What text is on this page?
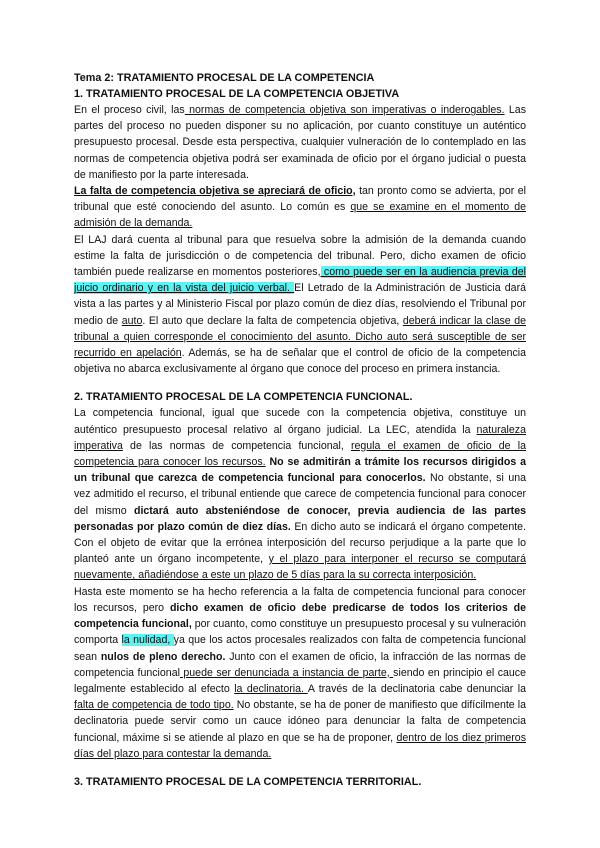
Tema 2: TRATAMIENTO PROCESAL DE LA COMPETENCIA
1. TRATAMIENTO PROCESAL DE LA COMPETENCIA OBJETIVA

En el proceso civil, las normas de competencia objetiva son imperativas o inderogables. Las partes del proceso no pueden disponer su no aplicación, por cuanto constituye un auténtico presupuesto procesal. Desde esta perspectiva, cualquier vulneración de lo contemplado en las normas de competencia objetiva podrá ser examinada de oficio por el órgano judicial o puesta de manifiesto por la parte interesada.

La falta de competencia objetiva se apreciará de oficio, tan pronto como se advierta, por el tribunal que esté conociendo del asunto. Lo común es que se examine en el momento de admisión de la demanda.

El LAJ dará cuenta al tribunal para que resuelva sobre la admisión de la demanda cuando estime la falta de jurisdicción o de competencia del tribunal. Pero, dicho examen de oficio también puede realizarse en momentos posteriores, como puede ser en la audiencia previa del juicio ordinario y en la vista del juicio verbal. El Letrado de la Administración de Justicia dará vista a las partes y al Ministerio Fiscal por plazo común de diez días, resolviendo el Tribunal por medio de auto. El auto que declare la falta de competencia objetiva, deberá indicar la clase de tribunal a quien corresponde el conocimiento del asunto. Dicho auto será susceptible de ser recurrido en apelación. Además, se ha de señalar que el control de oficio de la competencia objetiva no abarca exclusivamente al órgano que conoce del proceso en primera instancia.

2. TRATAMIENTO PROCESAL DE LA COMPETENCIA FUNCIONAL.

La competencia funcional, igual que sucede con la competencia objetiva, constituye un auténtico presupuesto procesal relativo al órgano judicial. La LEC, atendida la naturaleza imperativa de las normas de competencia funcional, regula el examen de oficio de la competencia para conocer los recursos. No se admitirán a trámite los recursos dirigidos a un tribunal que carezca de competencia funcional para conocerlos. No obstante, si una vez admitido el recurso, el tribunal entiende que carece de competencia funcional para conocer del mismo dictará auto absteniéndose de conocer, previa audiencia de las partes personadas por plazo común de diez días. En dicho auto se indicará el órgano competente. Con el objeto de evitar que la errónea interposición del recurso perjudique a la parte que lo planteó ante un órgano incompetente, y el plazo para interponer el recurso se computará nuevamente, añadiéndose a este un plazo de 5 días para la su correcta interposición.

Hasta este momento se ha hecho referencia a la falta de competencia funcional para conocer los recursos, pero dicho examen de oficio debe predicarse de todos los criterios de competencia funcional, por cuanto, como constituye un presupuesto procesal y su vulneración comporta la nulidad, ya que los actos procesales realizados con falta de competencia funcional sean nulos de pleno derecho. Junto con el examen de oficio, la infracción de las normas de competencia funcional puede ser denunciada a instancia de parte, siendo en principio el cauce legalmente establecido al efecto la declinatoria. A través de la declinatoria cabe denunciar la falta de competencia de todo tipo. No obstante, se ha de poner de manifiesto que difícilmente la declinatoria puede servir como un cauce idóneo para denunciar la falta de competencia funcional, máxime si se atiende al plazo en que se ha de proponer, dentro de los diez primeros días del plazo para contestar la demanda.

3. TRATAMIENTO PROCESAL DE LA COMPETENCIA TERRITORIAL.
